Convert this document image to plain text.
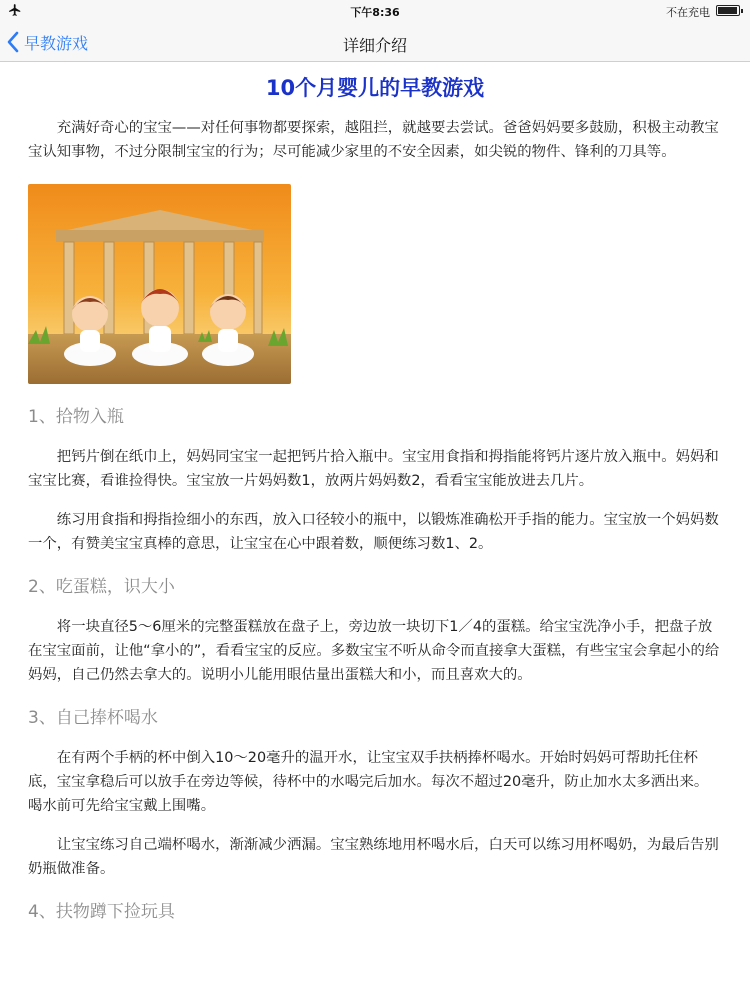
下午8:36	不在充电
早教游戏	详细介绍
10个月婴儿的早教游戏

充满好奇心的宝宝——对任何事物都要探索，越阻拦，就越要去尝试。爸爸妈妈要多鼓励，积极主动教宝宝认知事物，不过分限制宝宝的行为；尽可能减少家里的不安全因素，如尖锐的物件、锋利的刀具等。

1、拾物入瓶

把钙片倒在纸巾上，妈妈同宝宝一起把钙片拾入瓶中。宝宝用食指和拇指能将钙片逐片放入瓶中。妈妈和宝宝比赛，看谁捡得快。宝宝放一片妈妈数1，放两片妈妈数2，看看宝宝能放进去几片。

练习用食指和拇指捡细小的东西，放入口径较小的瓶中，以锻炼准确松开手指的能力。宝宝放一个妈妈数一个，有赞美宝宝真棒的意思，让宝宝在心中跟着数，顺便练习数1、2。

2、吃蛋糕，识大小

将一块直径5～6厘米的完整蛋糕放在盘子上，旁边放一块切下1／4的蛋糕。给宝宝洗净小手，把盘子放在宝宝面前，让他“拿小的”，看看宝宝的反应。多数宝宝不听从命令而直接拿大蛋糕，有些宝宝会拿起小的给妈妈，自己仍然去拿大的。说明小儿能用眼估量出蛋糕大和小，而且喜欢大的。

3、自己捧杯喝水

在有两个手柄的杯中倒入10～20毫升的温开水，让宝宝双手扶柄捧杯喝水。开始时妈妈可帮助托住杯底，宝宝拿稳后可以放手在旁边等候，待杯中的水喝完后加水。每次不超过20毫升，防止加水太多洒出来。喝水前可先给宝宝戴上围嘴。

让宝宝练习自己端杯喝水，渐渐减少洒漏。宝宝熟练地用杯喝水后，白天可以练习用杯喝奶，为最后告别奶瓶做准备。

4、扶物蹲下捡玩具
